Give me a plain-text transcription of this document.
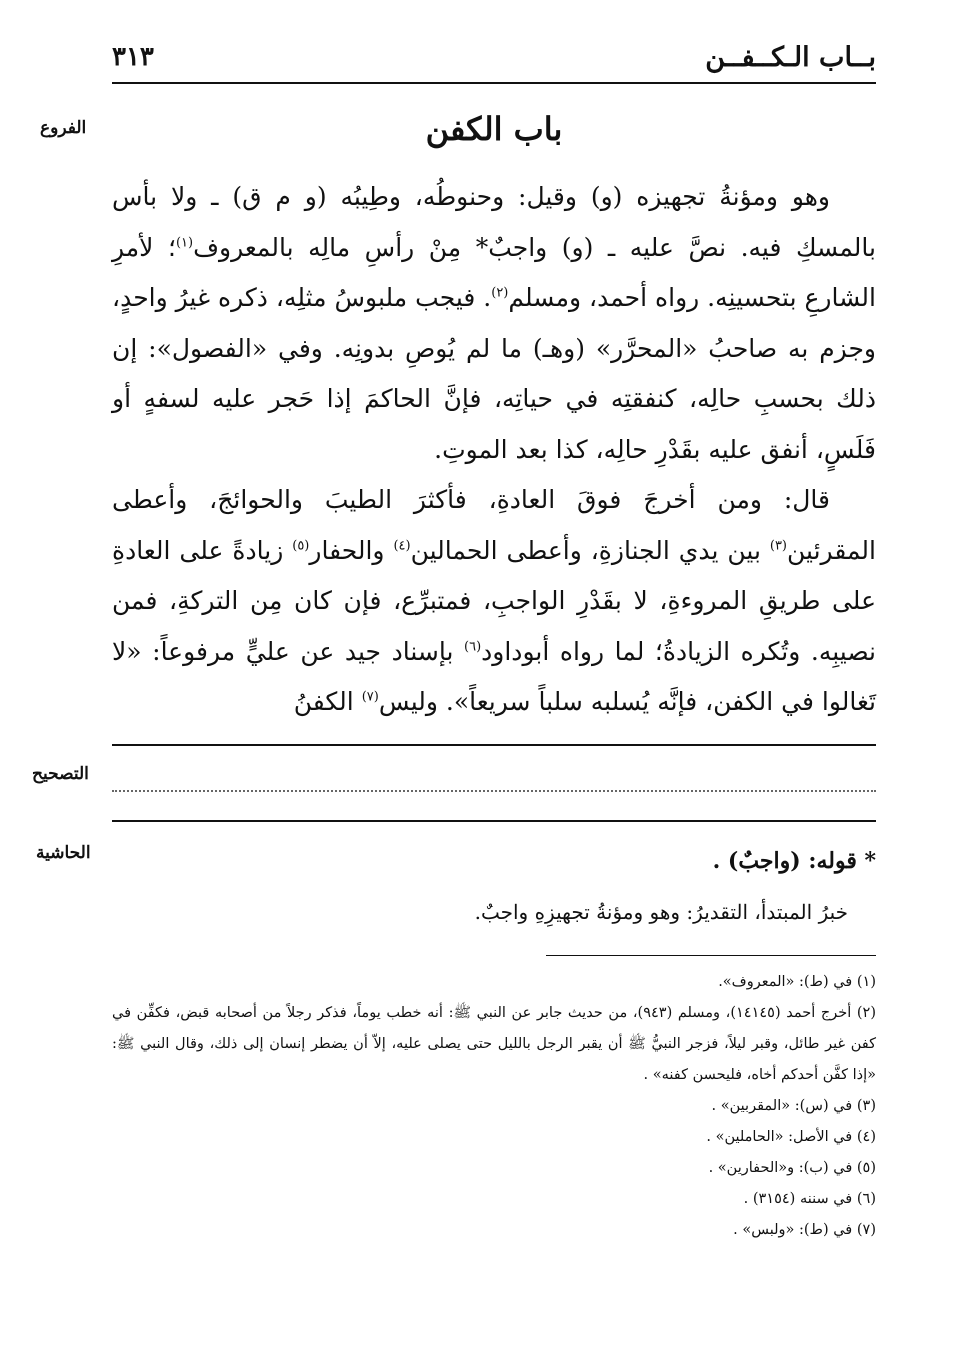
٣١٣	بــاب الـكــفــن
الفروع	باب الكفن

وهو ومؤنةُ تجهيزه (و) وقيل: وحنوطُه، وطِيبُه (و م ق) ـ ولا بأس بالمسكِ فيه. نصَّ عليه ـ (و) واجبٌ* مِنْ رأسِ مالِه بالمعروف$^{(١)}$؛ لأمرِ الشارعِ بتحسينِه. رواه أحمد، ومسلم$^{(٢)}$. فيجب ملبوسُ مثلِه، ذكره غيرُ واحدٍ، وجزم به صاحبُ «المحرَّر» (وهـ) ما لم يُوصِ بدونِه. وفي «الفصول»: إن ذلك بحسبِ حالِه، كنفقتِه في حياتِه، فإنَّ الحاكمَ إذا حَجر عليه لسفهٍ أو فَلَسٍ، أنفق عليه بقَدْرِ حالِه، كذا بعد الموتِ.

قال: ومن أخرجَ فوقَ العادةِ، فأكثرَ الطيبَ والحوائجَ، وأعطى المقرئين$^{(٣)}$ بين يدي الجنازةِ، وأعطى الحمالين$^{(٤)}$ والحفار$^{(٥)}$ زيادةً على العادةِ على طريقِ المروءةِ، لا بقَدْرِ الواجبِ، فمتبرِّع، فإن كان مِن التركةِ، فمن نصيبِه. وتُكره الزيادةُ؛ لما رواه أبوداود$^{(٦)}$ بإسناد جيد عن عليٍّ مرفوعاً: «لا تَغالوا في الكفن، فإنَّه يُسلبه سلباً سريعاً». وليس$^{(٧)}$ الكفنُ

التصحيح
الحاشية	* قوله: (واجبٌ) .
خبرُ المبتدأ، التقديرُ: وهو ومؤنةُ تجهيزِهِ واجبٌ.
(١) في (ط): «المعروف».
(٢) أخرج أحمد (١٤١٤٥)، ومسلم (٩٤٣)، من حديث جابر عن النبي ﷺ: أنه خطب يوماً، فذكر رجلاً من أصحابه قبض، فكفِّن في كفن غير طائل، وقبر ليلاً، فزجر النبيُّ ﷺ أن يقبر الرجل بالليل حتى يصلى عليه، إلاّ أن يضطر إنسان إلى ذلك، وقال النبي ﷺ: «إذا كفَّن أحدكم أخاه، فليحسن كفنه» .
(٣) في (س): «المقربين» .
(٤) في الأصل: «الحاملين» .
(٥) في (ب): و«الحفارين» .
(٦) في سننه (٣١٥٤) .
(٧) في (ط): «ولبس» .
